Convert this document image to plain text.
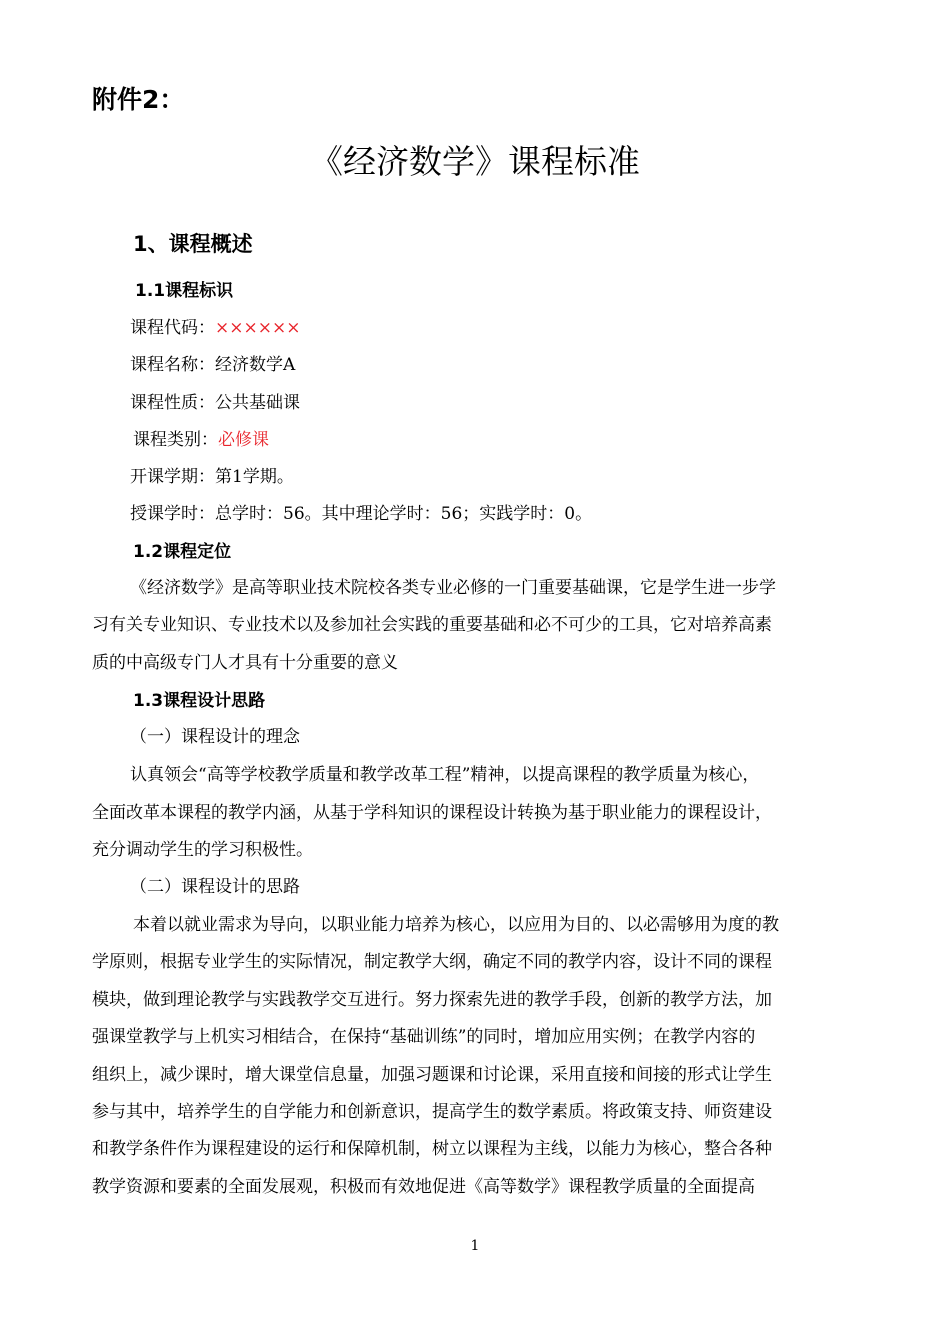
附件2：
《经济数学》课程标准
1、课程概述
1.1课程标识
课程代码：××××××
课程名称：经济数学A
课程性质：公共基础课
课程类别：必修课
开课学期：第1学期。
授课学时：总学时：56。其中理论学时：56；实践学时：0。
1.2课程定位
《经济数学》是高等职业技术院校各类专业必修的一门重要基础课，它是学生进一步学
习有关专业知识、专业技术以及参加社会实践的重要基础和必不可少的工具，它对培养高素
质的中高级专门人才具有十分重要的意义
1.3课程设计思路
（一）课程设计的理念
认真领会“高等学校教学质量和教学改革工程”精神，以提高课程的教学质量为核心，
全面改革本课程的教学内涵，从基于学科知识的课程设计转换为基于职业能力的课程设计，
充分调动学生的学习积极性。
（二）课程设计的思路
本着以就业需求为导向，以职业能力培养为核心，以应用为目的、以必需够用为度的教
学原则，根据专业学生的实际情况，制定教学大纲，确定不同的教学内容，设计不同的课程
模块，做到理论教学与实践教学交互进行。努力探索先进的教学手段，创新的教学方法，加
强课堂教学与上机实习相结合，在保持“基础训练”的同时，增加应用实例；在教学内容的
组织上，减少课时，增大课堂信息量，加强习题课和讨论课，采用直接和间接的形式让学生
参与其中，培养学生的自学能力和创新意识，提高学生的数学素质。将政策支持、师资建设
和教学条件作为课程建设的运行和保障机制，树立以课程为主线，以能力为核心，整合各种
教学资源和要素的全面发展观，积极而有效地促进《高等数学》课程教学质量的全面提高
1
